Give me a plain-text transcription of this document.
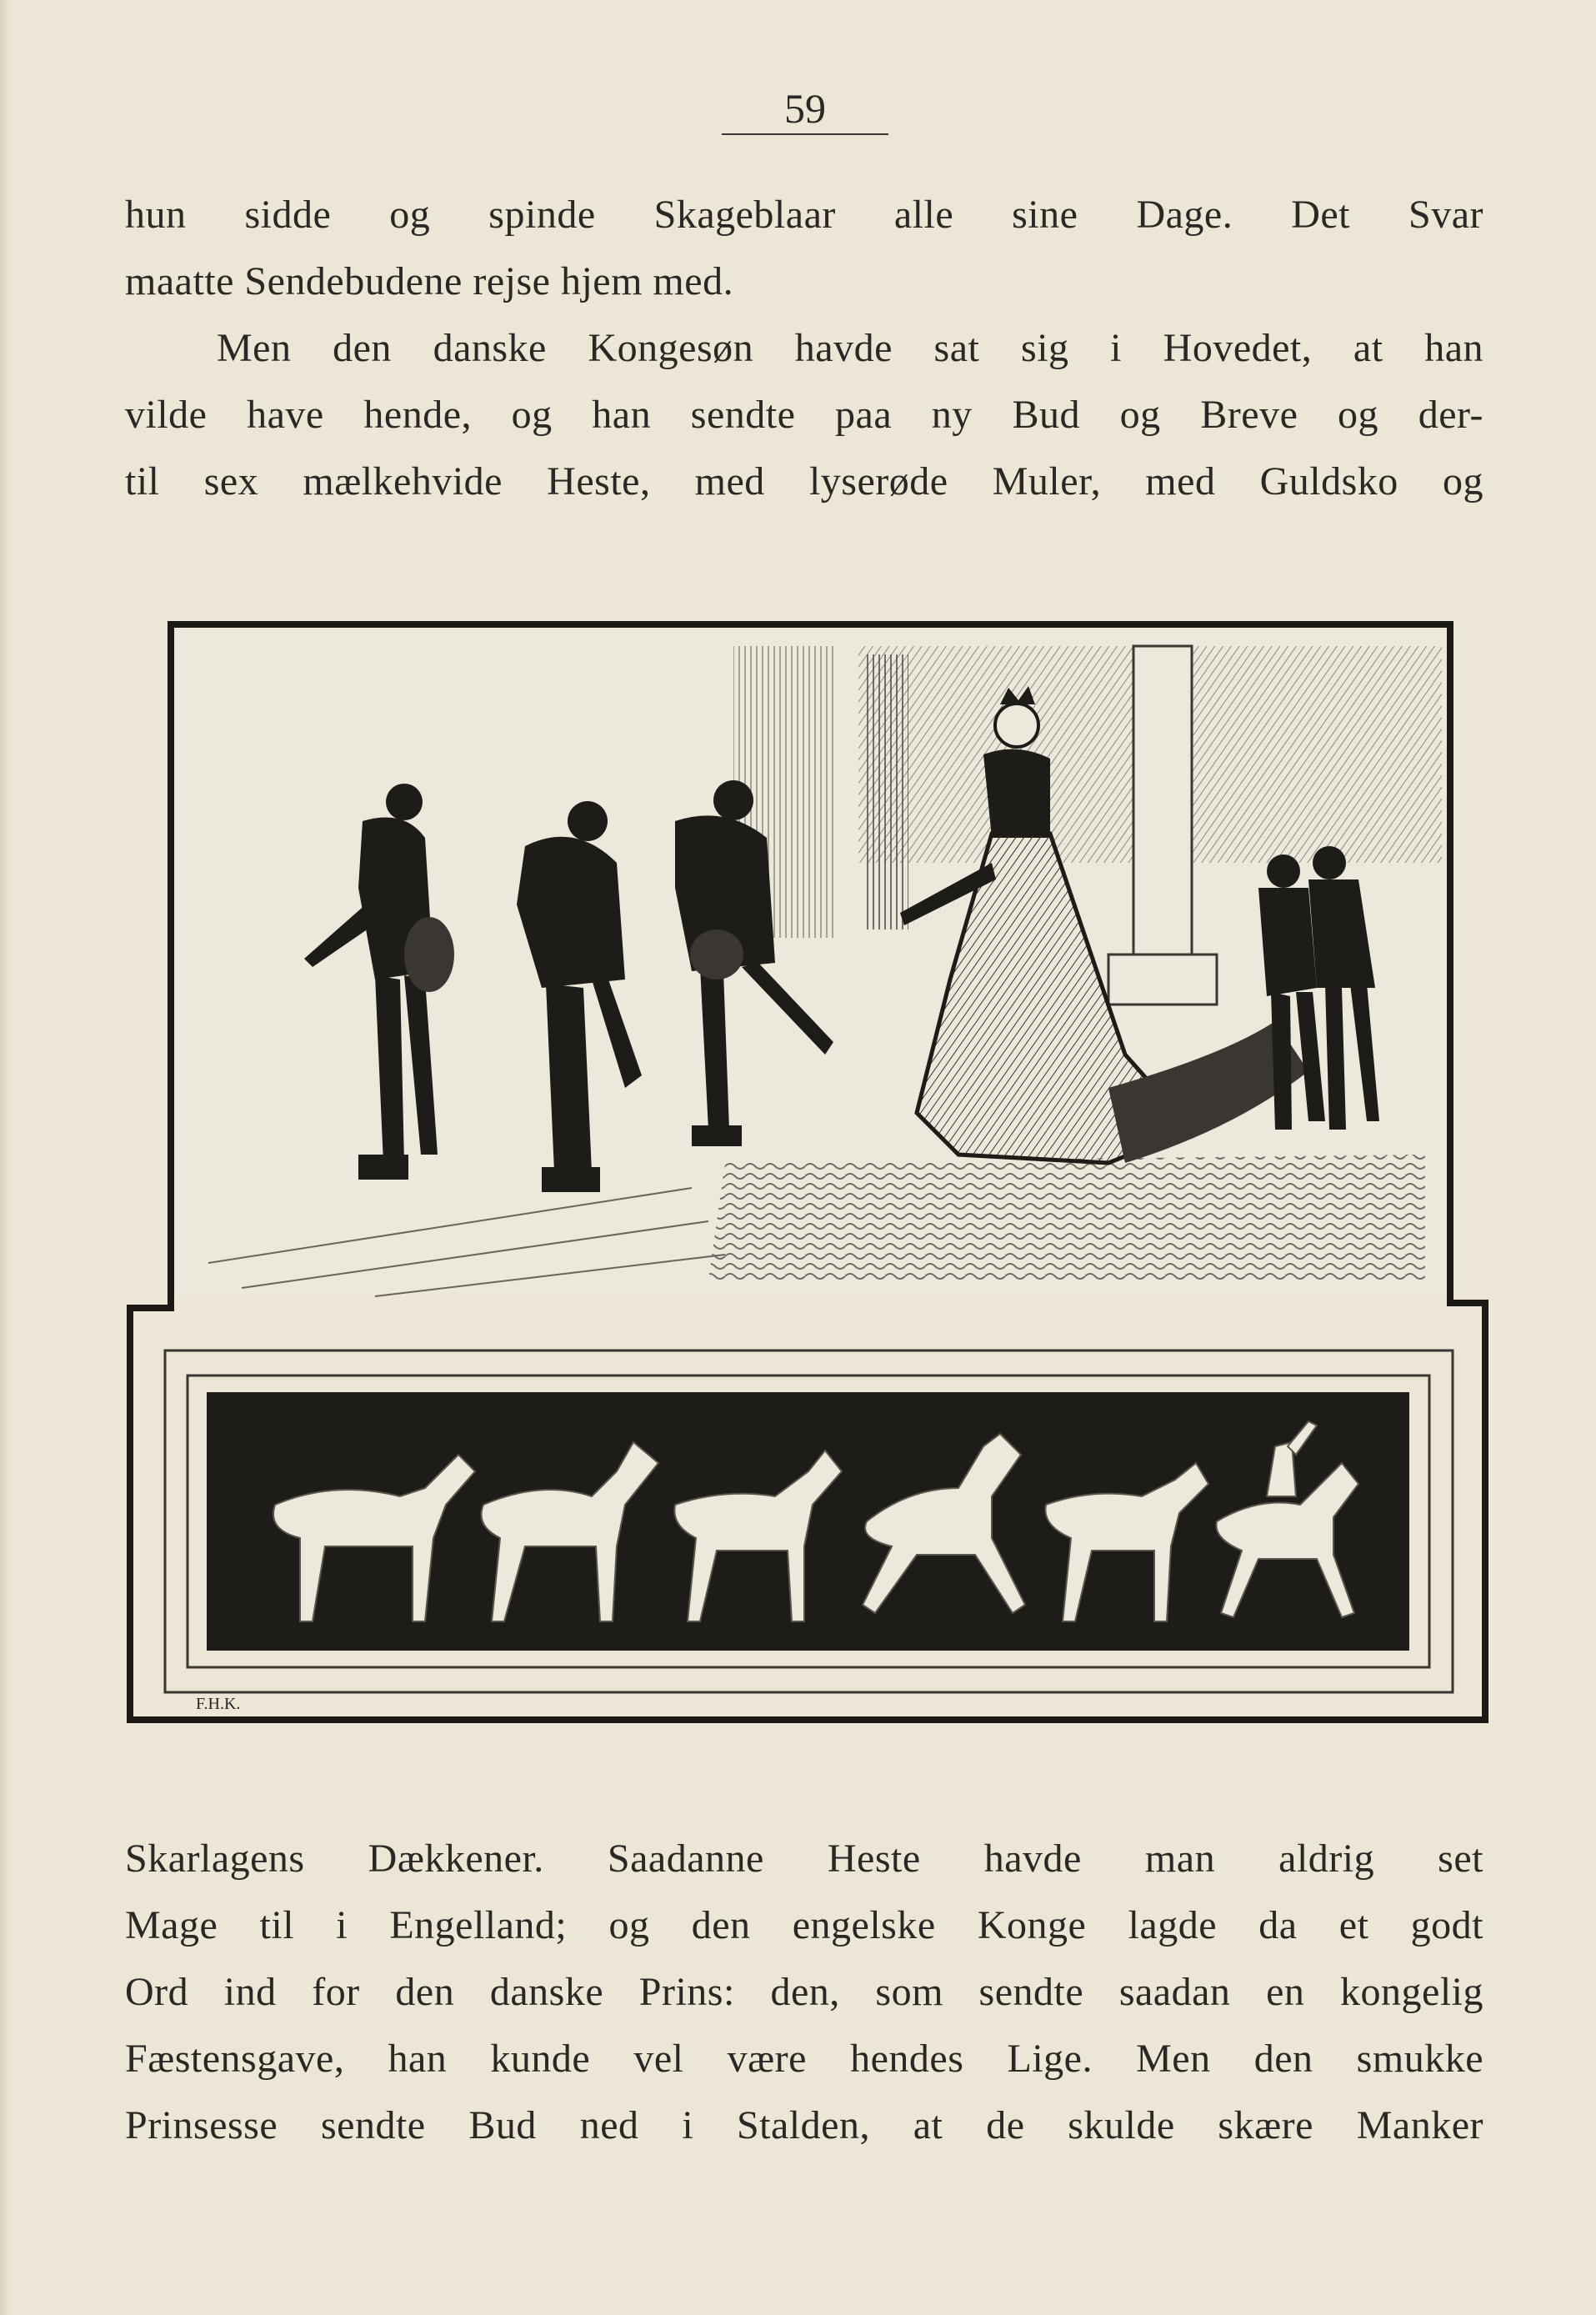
59
hun sidde og spinde Skageblaar alle sine Dage. Det Svar
maatte Sendebudene rejse hjem med.
Men den danske Kongesøn havde sat sig i Hovedet, at han
vilde have hende, og han sendte paa ny Bud og Breve og der-
til sex mælkehvide Heste, med lyserøde Muler, med Guldsko og
F.H.K.
Skarlagens Dækkener. Saadanne Heste havde man aldrig set
Mage til i Engelland; og den engelske Konge lagde da et godt
Ord ind for den danske Prins: den, som sendte saadan en kongelig
Fæstensgave, han kunde vel være hendes Lige. Men den smukke
Prinsesse sendte Bud ned i Stalden, at de skulde skære Manker
